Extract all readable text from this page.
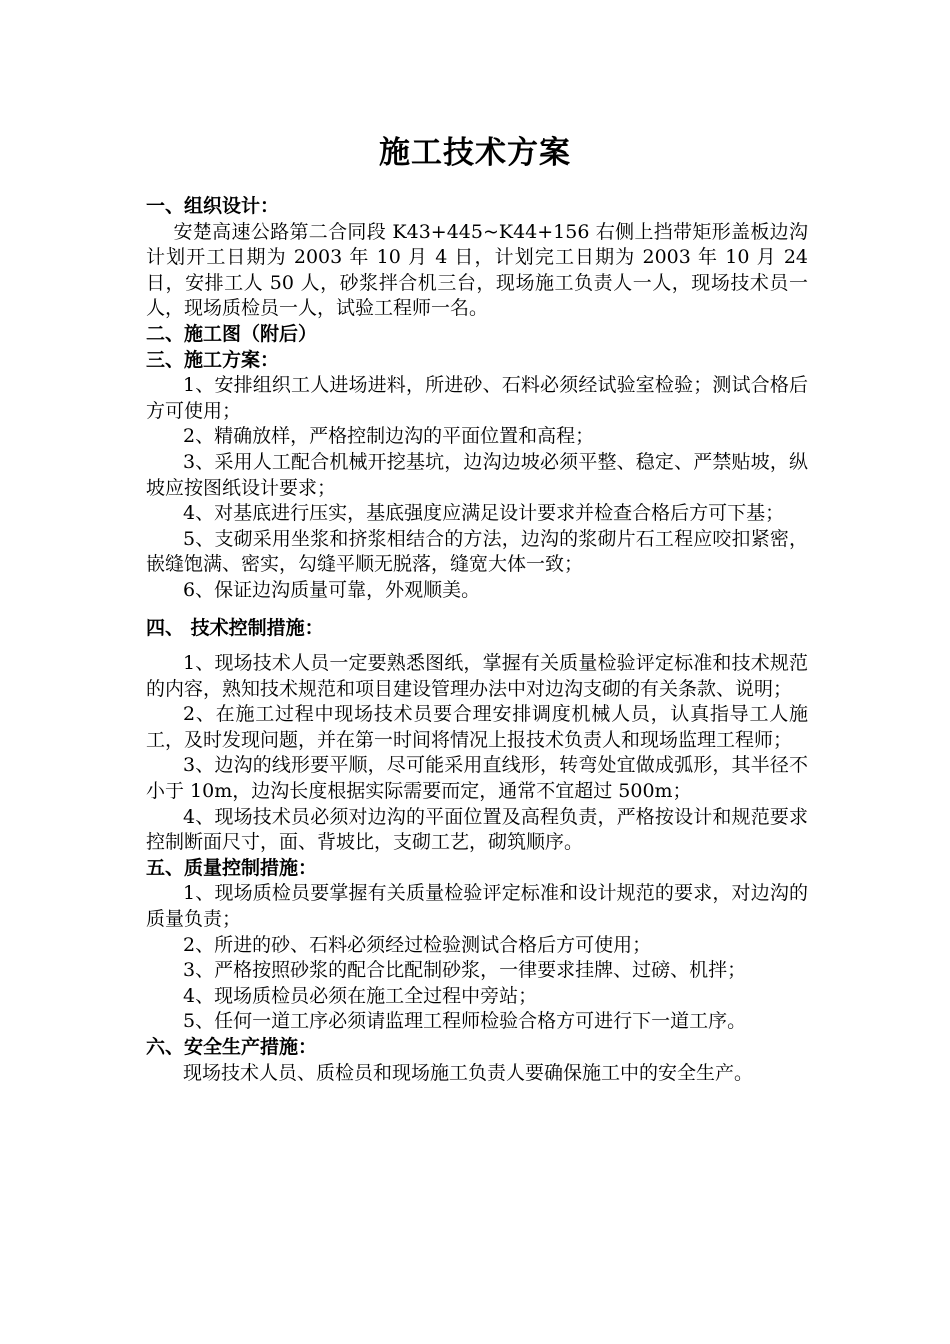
施工技术方案

一、组织设计：

安楚高速公路第二合同段 K43+445~K44+156 右侧上挡带矩形盖板边沟计划开工日期为 2003 年 10 月 4 日，计划完工日期为 2003 年 10 月 24 日，安排工人 50 人，砂浆拌合机三台，现场施工负责人一人，现场技术员一人，现场质检员一人，试验工程师一名。

二、施工图（附后）

三、施工方案：

1、安排组织工人进场进料，所进砂、石料必须经试验室检验；测试合格后方可使用；

2、精确放样，严格控制边沟的平面位置和高程；

3、采用人工配合机械开挖基坑，边沟边坡必须平整、稳定、严禁贴坡，纵坡应按图纸设计要求；

4、对基底进行压实，基底强度应满足设计要求并检查合格后方可下基；

5、支砌采用坐浆和挤浆相结合的方法，边沟的浆砌片石工程应咬扣紧密，嵌缝饱满、密实，勾缝平顺无脱落，缝宽大体一致；

6、保证边沟质量可靠，外观顺美。

四、 技术控制措施：

1、现场技术人员一定要熟悉图纸，掌握有关质量检验评定标准和技术规范的内容，熟知技术规范和项目建设管理办法中对边沟支砌的有关条款、说明；

2、在施工过程中现场技术员要合理安排调度机械人员，认真指导工人施工，及时发现问题，并在第一时间将情况上报技术负责人和现场监理工程师；

3、边沟的线形要平顺，尽可能采用直线形，转弯处宜做成弧形，其半径不小于 10m，边沟长度根据实际需要而定，通常不宜超过 500m；

4、现场技术员必须对边沟的平面位置及高程负责，严格按设计和规范要求控制断面尺寸，面、背坡比，支砌工艺，砌筑顺序。

五、质量控制措施：

1、现场质检员要掌握有关质量检验评定标准和设计规范的要求，对边沟的质量负责；

2、所进的砂、石料必须经过检验测试合格后方可使用；

3、严格按照砂浆的配合比配制砂浆，一律要求挂牌、过磅、机拌；

4、现场质检员必须在施工全过程中旁站；

5、任何一道工序必须请监理工程师检验合格方可进行下一道工序。

六、安全生产措施：

现场技术人员、质检员和现场施工负责人要确保施工中的安全生产。
